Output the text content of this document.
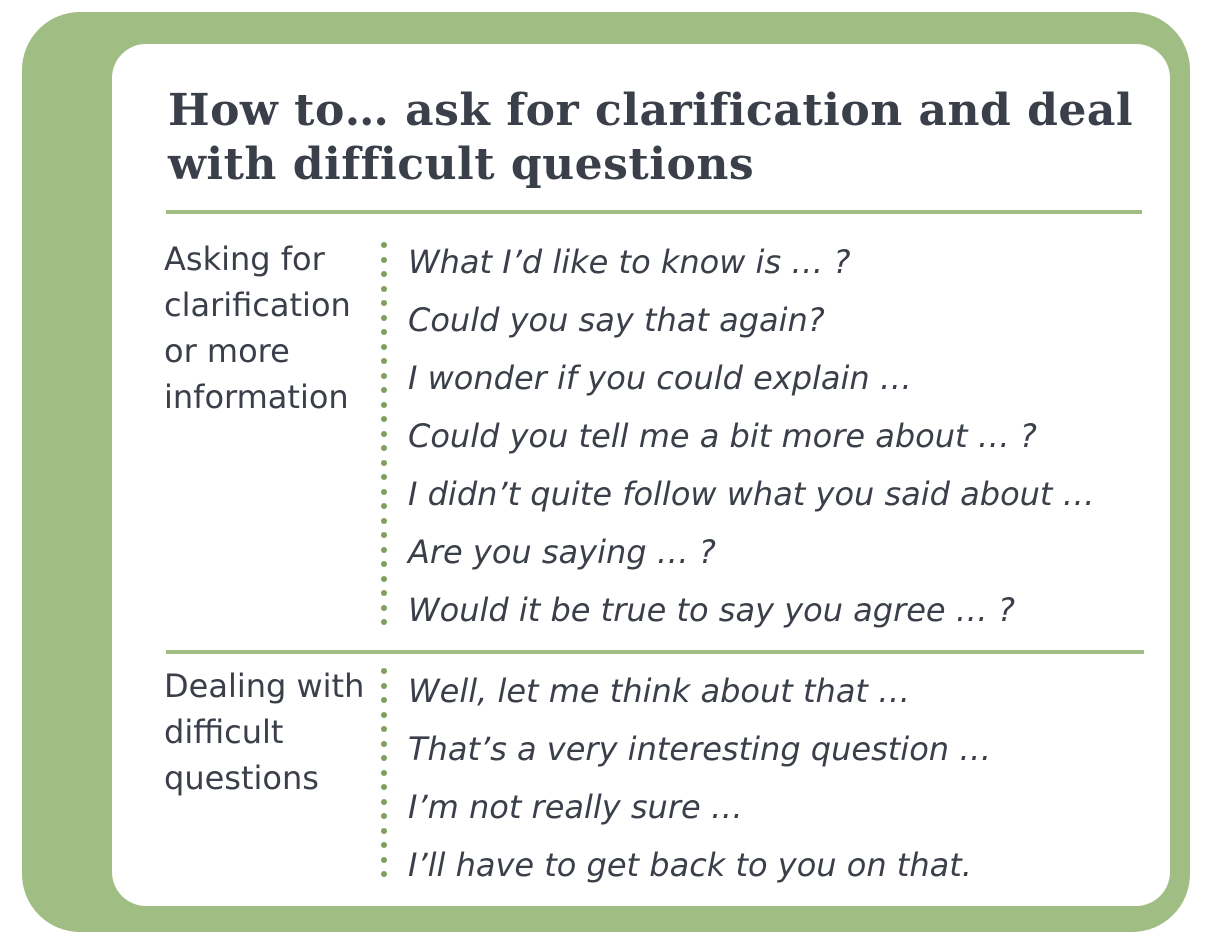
How to… ask for clarification and deal with difficult questions

Asking for clarification or more information

What I’d like to know is … ?
Could you say that again?
I wonder if you could explain …
Could you tell me a bit more about … ?
I didn’t quite follow what you said about …
Are you saying … ?
Would it be true to say you agree … ?

Dealing with difficult questions

Well, let me think about that …
That’s a very interesting question …
I’m not really sure …
I’ll have to get back to you on that.
